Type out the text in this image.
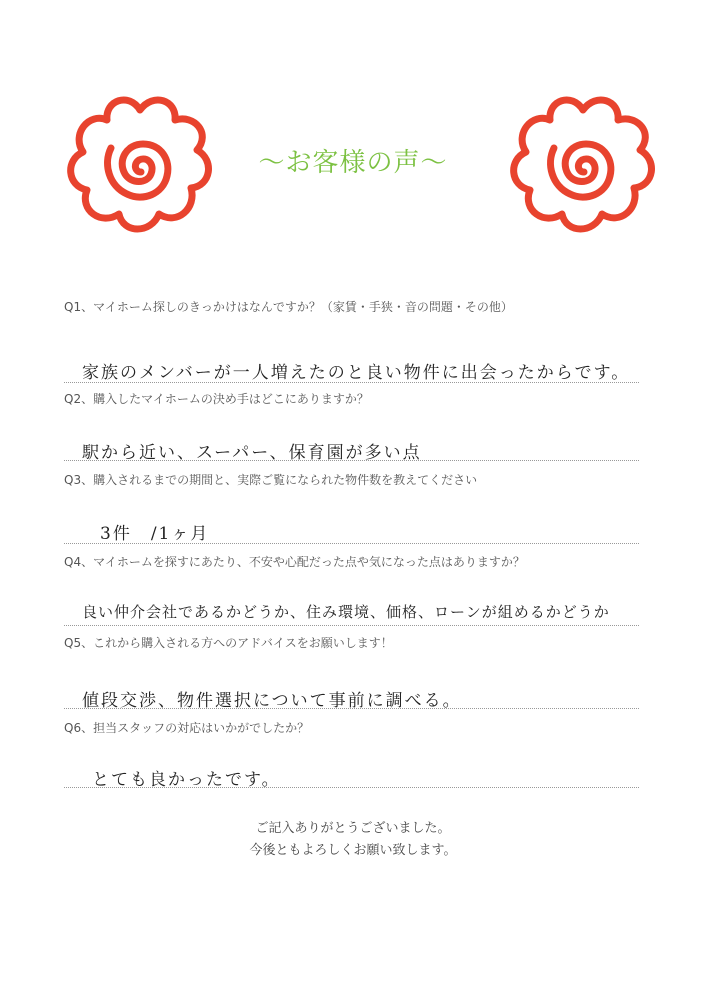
〜お客様の声〜
Q1、マイホーム探しのきっかけはなんですか？（家賃・手狭・音の問題・その他）
家族のメンバーが一人増えたのと良い物件に出会ったからです。
Q2、購入したマイホームの決め手はどこにありますか？
駅から近い、スーパー、保育園が多い点
Q3、購入されるまでの期間と、実際ご覧になられた物件数を教えてください
3件　/1ヶ月
Q4、マイホームを探すにあたり、不安や心配だった点や気になった点はありますか？
良い仲介会社であるかどうか、住み環境、価格、ローンが組めるかどうか
Q5、これから購入される方へのアドバイスをお願いします！
値段交渉、物件選択について事前に調べる。
Q6、担当スタッフの対応はいかがでしたか？
とても良かったです。
ご記入ありがとうございました。
今後ともよろしくお願い致します。
